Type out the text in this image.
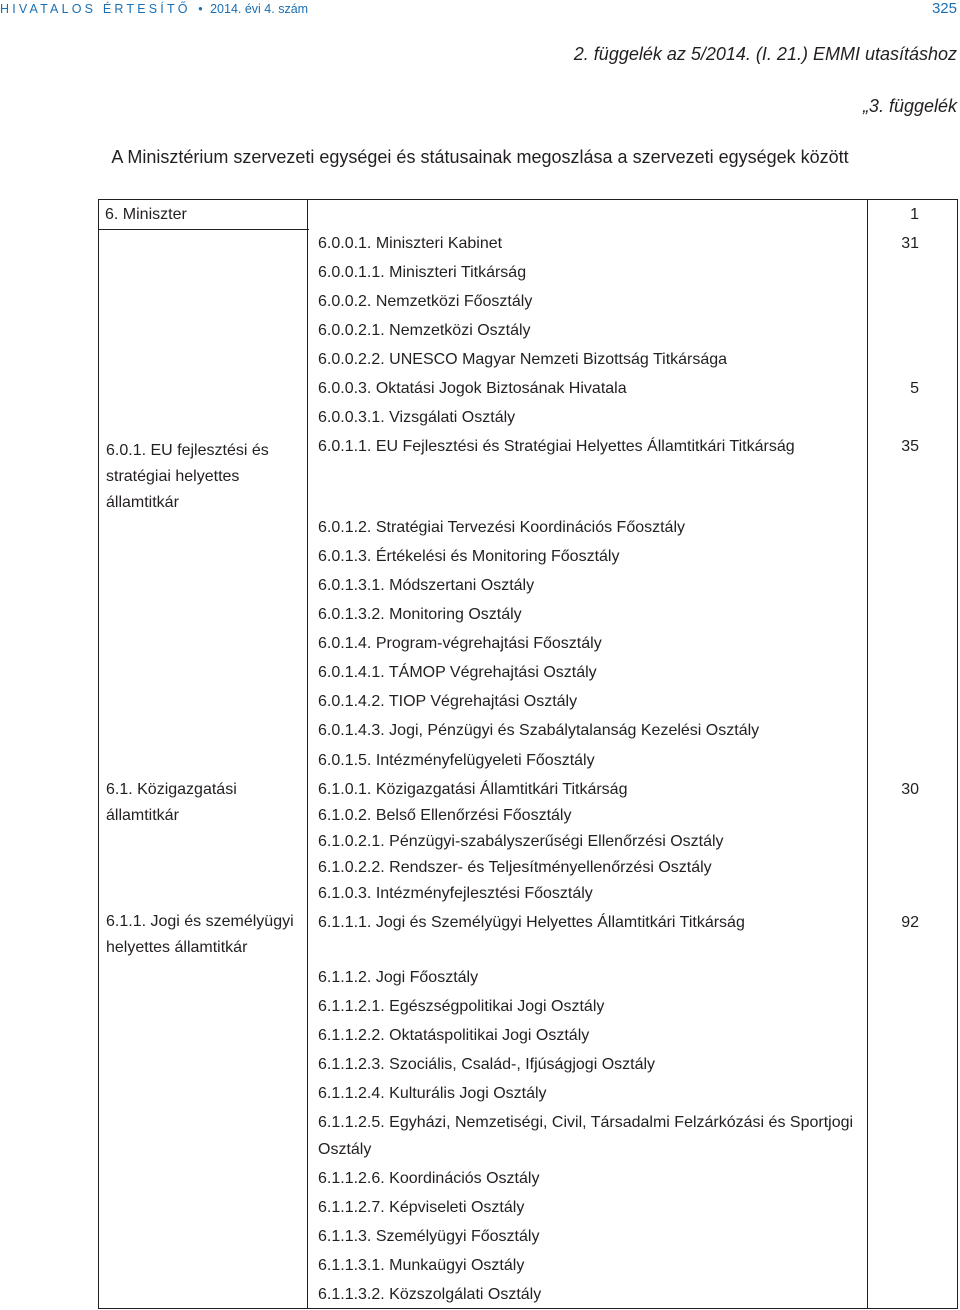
HIVATALOS ÉRTESÍTŐ • 2014. évi 4. szám	325
2. függelék az 5/2014. (I. 21.) EMMI utasításhoz
„3. függelék
A Minisztérium szervezeti egységei és státusainak megoszlása a szervezeti egységek között
6. Miniszter	1
6.0.1. EU fejlesztési és stratégiai helyettes államtitkár
6.1. Közigazgatási államtitkár
6.1.1. Jogi és személyügyi helyettes államtitkár
6.0.0.1. Miniszteri Kabinet
6.0.0.1.1. Miniszteri Titkárság
6.0.0.2. Nemzetközi Főosztály
6.0.0.2.1. Nemzetközi Osztály
6.0.0.2.2. UNESCO Magyar Nemzeti Bizottság Titkársága
6.0.0.3. Oktatási Jogok Biztosának Hivatala
6.0.0.3.1. Vizsgálati Osztály
6.0.1.1. EU Fejlesztési és Stratégiai Helyettes Államtitkári Titkárság
6.0.1.2. Stratégiai Tervezési Koordinációs Főosztály
6.0.1.3. Értékelési és Monitoring Főosztály
6.0.1.3.1. Módszertani Osztály
6.0.1.3.2. Monitoring Osztály
6.0.1.4. Program-végrehajtási Főosztály
6.0.1.4.1. TÁMOP Végrehajtási Osztály
6.0.1.4.2. TIOP Végrehajtási Osztály
6.0.1.4.3. Jogi, Pénzügyi és Szabálytalanság Kezelési Osztály
6.0.1.5. Intézményfelügyeleti Főosztály
6.1.0.1. Közigazgatási Államtitkári Titkárság
6.1.0.2. Belső Ellenőrzési Főosztály
6.1.0.2.1. Pénzügyi-szabályszerűségi Ellenőrzési Osztály
6.1.0.2.2. Rendszer- és Teljesítményellenőrzési Osztály
6.1.0.3. Intézményfejlesztési Főosztály
6.1.1.1. Jogi és Személyügyi Helyettes Államtitkári Titkárság
6.1.1.2. Jogi Főosztály
6.1.1.2.1. Egészségpolitikai Jogi Osztály
6.1.1.2.2. Oktatáspolitikai Jogi Osztály
6.1.1.2.3. Szociális, Család-, Ifjúságjogi Osztály
6.1.1.2.4. Kulturális Jogi Osztály
6.1.1.2.5. Egyházi, Nemzetiségi, Civil, Társadalmi Felzárkózási és Sportjogi
Osztály
6.1.1.2.6. Koordinációs Osztály
6.1.1.2.7. Képviseleti Osztály
6.1.1.3. Személyügyi Főosztály
6.1.1.3.1. Munkaügyi Osztály
6.1.1.3.2. Közszolgálati Osztály
31
5
35
30
92
